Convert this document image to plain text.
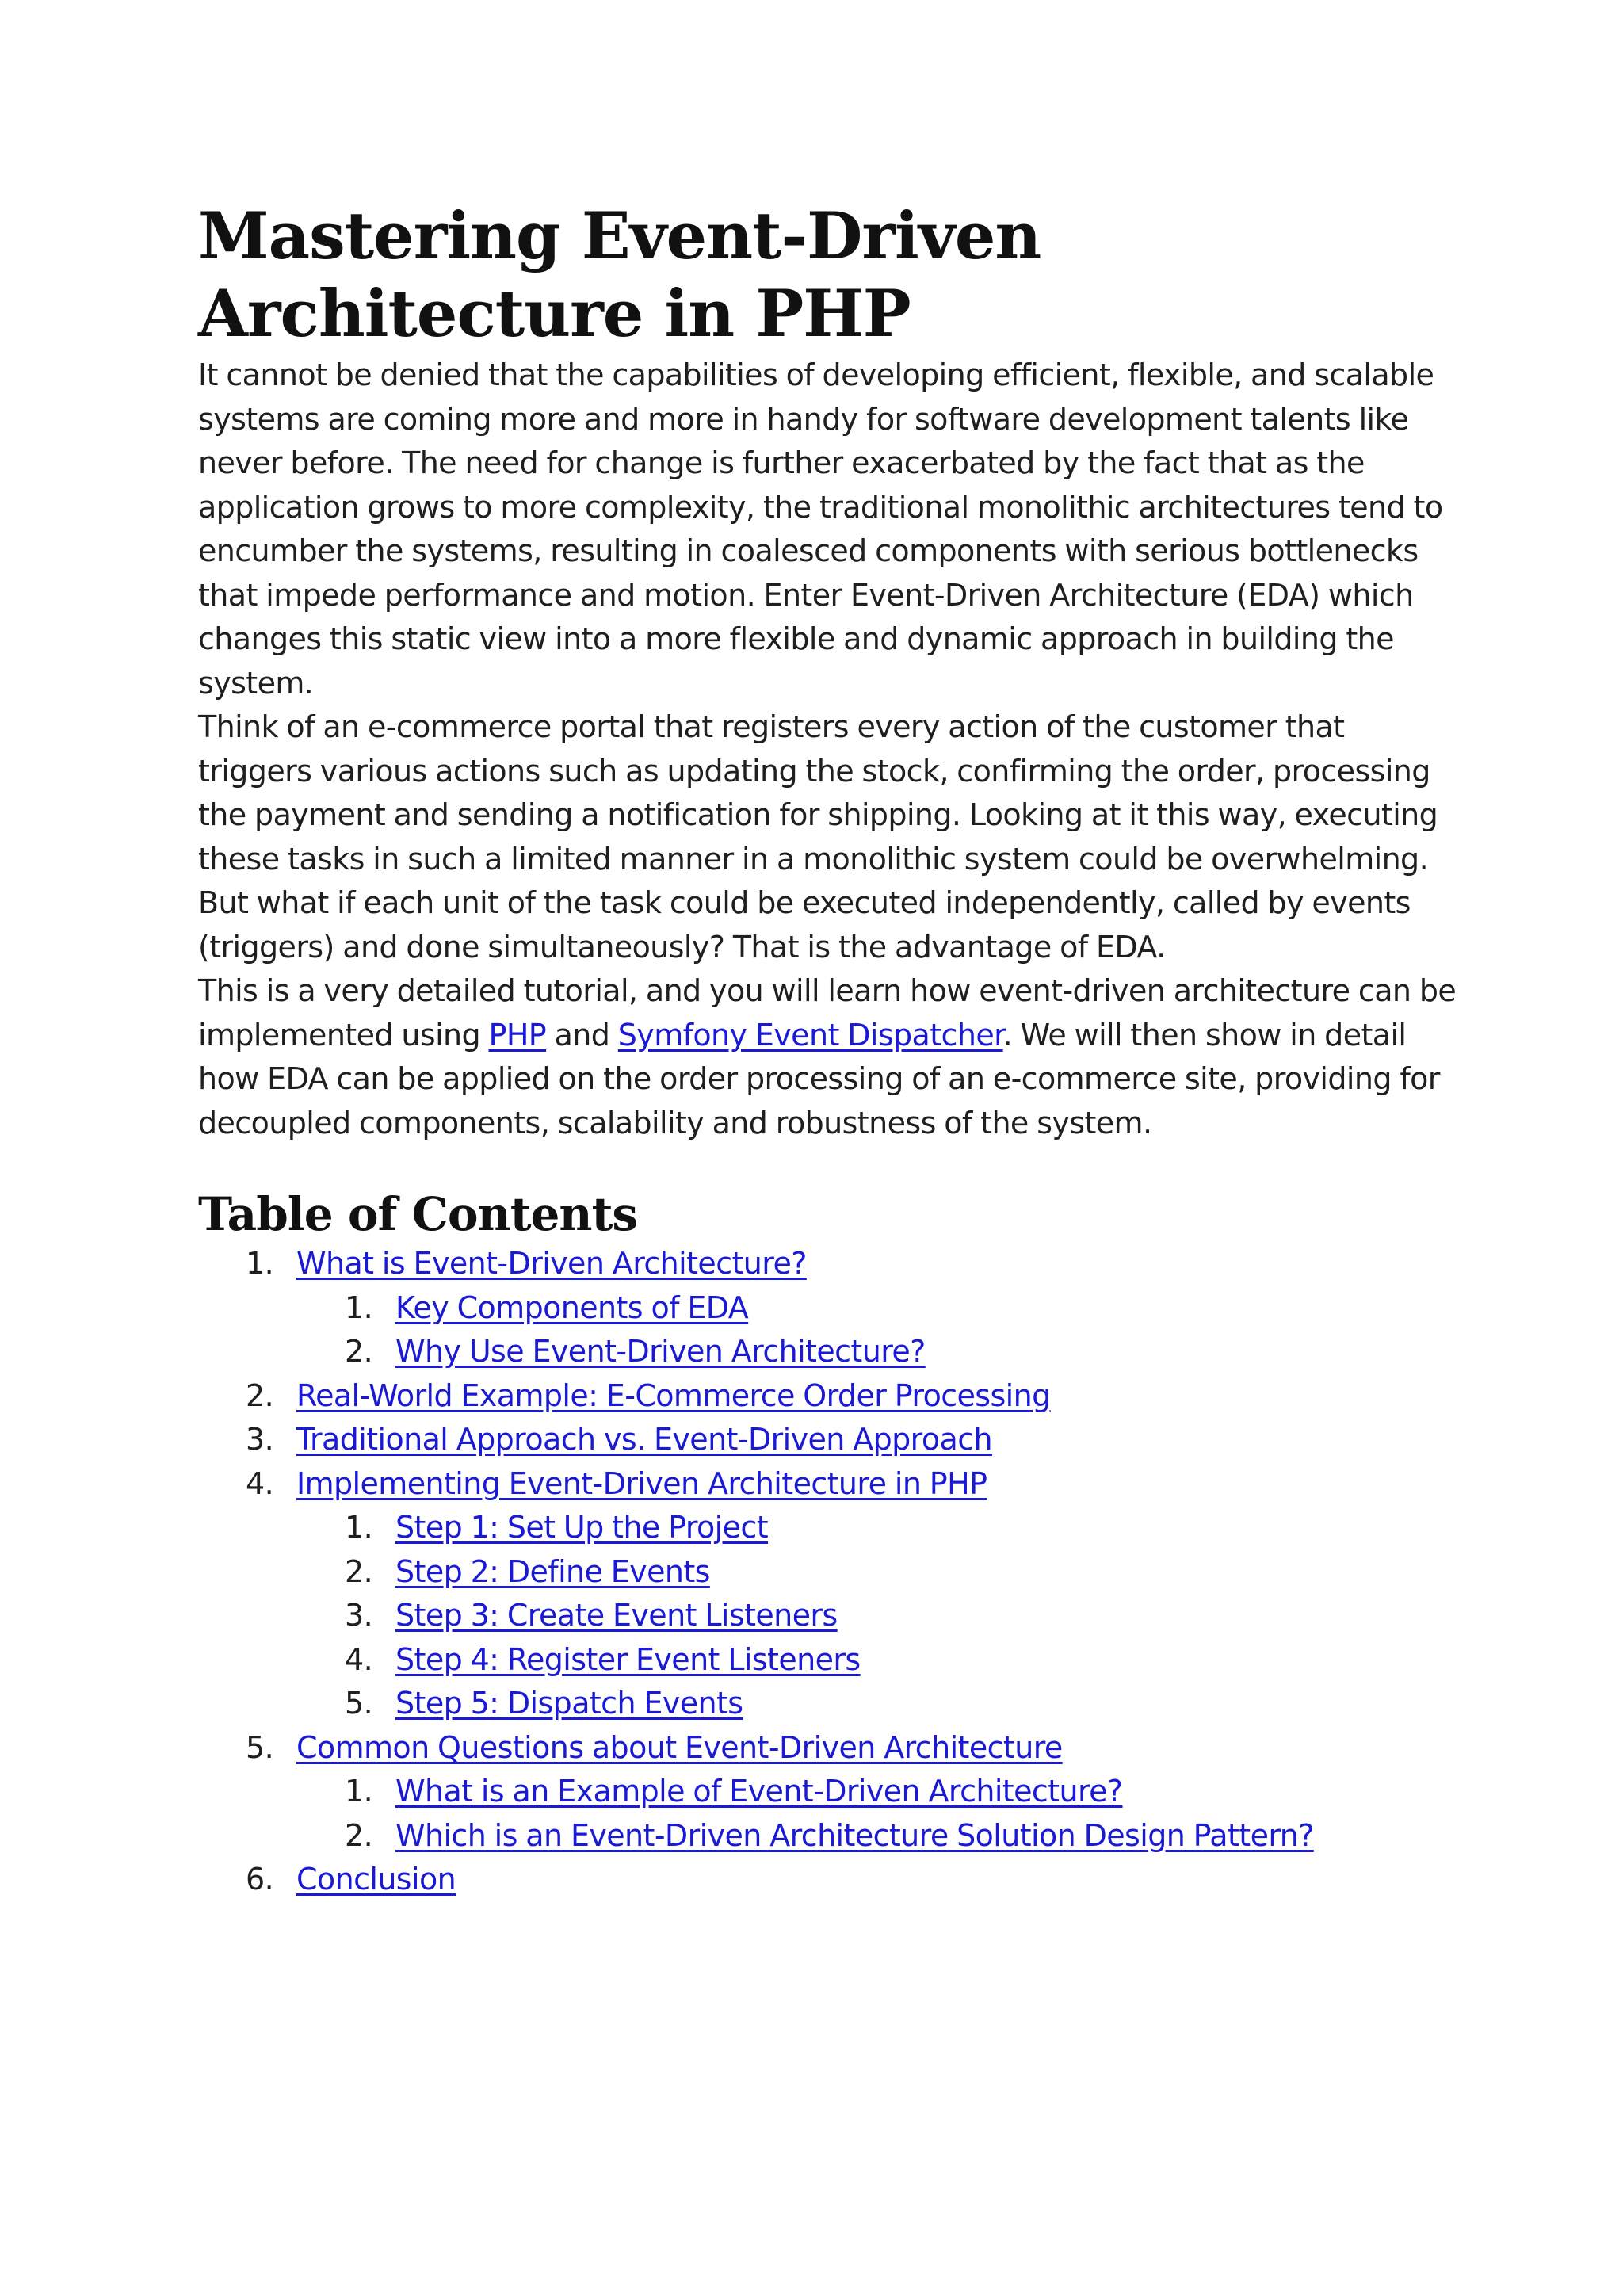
Mastering Event-Driven Architecture in PHP

It cannot be denied that the capabilities of developing efficient, flexible, and scalable systems are coming more and more in handy for software development talents like never before. The need for change is further exacerbated by the fact that as the application grows to more complexity, the traditional monolithic architectures tend to encumber the systems, resulting in coalesced components with serious bottlenecks that impede performance and motion. Enter Event-Driven Architecture (EDA) which changes this static view into a more flexible and dynamic approach in building the system.

Think of an e-commerce portal that registers every action of the customer that triggers various actions such as updating the stock, confirming the order, processing the payment and sending a notification for shipping. Looking at it this way, executing these tasks in such a limited manner in a monolithic system could be overwhelming. But what if each unit of the task could be executed independently, called by events (triggers) and done simultaneously? That is the advantage of EDA.

This is a very detailed tutorial, and you will learn how event-driven architecture can be implemented using PHP and Symfony Event Dispatcher. We will then show in detail how EDA can be applied on the order processing of an e-commerce site, providing for decoupled components, scalability and robustness of the system.

Table of Contents
1. What is Event-Driven Architecture?
1. Key Components of EDA
2. Why Use Event-Driven Architecture?
2. Real-World Example: E-Commerce Order Processing
3. Traditional Approach vs. Event-Driven Approach
4. Implementing Event-Driven Architecture in PHP
1. Step 1: Set Up the Project
2. Step 2: Define Events
3. Step 3: Create Event Listeners
4. Step 4: Register Event Listeners
5. Step 5: Dispatch Events
5. Common Questions about Event-Driven Architecture
1. What is an Example of Event-Driven Architecture?
2. Which is an Event-Driven Architecture Solution Design Pattern?
6. Conclusion
